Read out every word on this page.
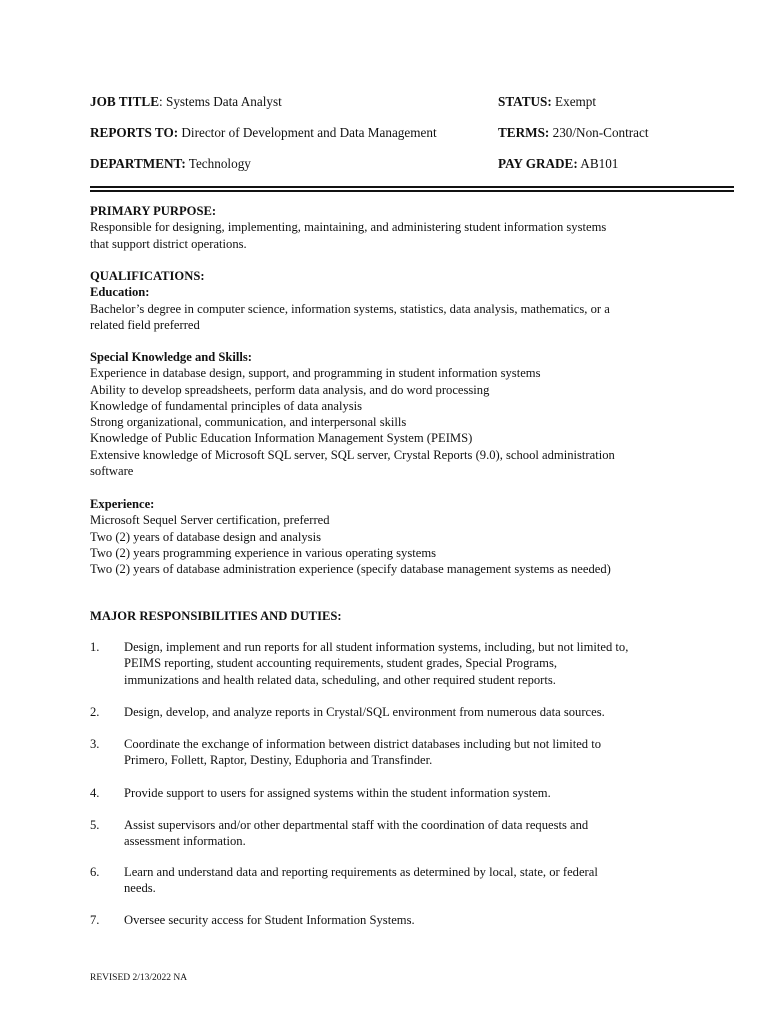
JOB TITLE: Systems Data Analyst	STATUS: Exempt
REPORTS TO: Director of Development and Data Management	TERMS: 230/Non-Contract
DEPARTMENT: Technology	PAY GRADE: AB101
PRIMARY PURPOSE:
Responsible for designing, implementing, maintaining, and administering student information systems
that support district operations.
QUALIFICATIONS:
Education:
Bachelor’s degree in computer science, information systems, statistics, data analysis, mathematics, or a
related field preferred
Special Knowledge and Skills:
Experience in database design, support, and programming in student information systems
Ability to develop spreadsheets, perform data analysis, and do word processing
Knowledge of fundamental principles of data analysis
Strong organizational, communication, and interpersonal skills
Knowledge of Public Education Information Management System (PEIMS)
Extensive knowledge of Microsoft SQL server, SQL server, Crystal Reports (9.0), school administration
software
Experience:
Microsoft Sequel Server certification, preferred
Two (2) years of database design and analysis
Two (2) years programming experience in various operating systems
Two (2) years of database administration experience (specify database management systems as needed)
MAJOR RESPONSIBILITIES AND DUTIES:
1. Design, implement and run reports for all student information systems, including, but not limited to,
PEIMS reporting, student accounting requirements, student grades, Special Programs,
immunizations and health related data, scheduling, and other required student reports.
2. Design, develop, and analyze reports in Crystal/SQL environment from numerous data sources.
3. Coordinate the exchange of information between district databases including but not limited to
Primero, Follett, Raptor, Destiny, Eduphoria and Transfinder.
4. Provide support to users for assigned systems within the student information system.
5. Assist supervisors and/or other departmental staff with the coordination of data requests and
assessment information.
6. Learn and understand data and reporting requirements as determined by local, state, or federal
needs.
7. Oversee security access for Student Information Systems.
REVISED 2/13/2022 NA
